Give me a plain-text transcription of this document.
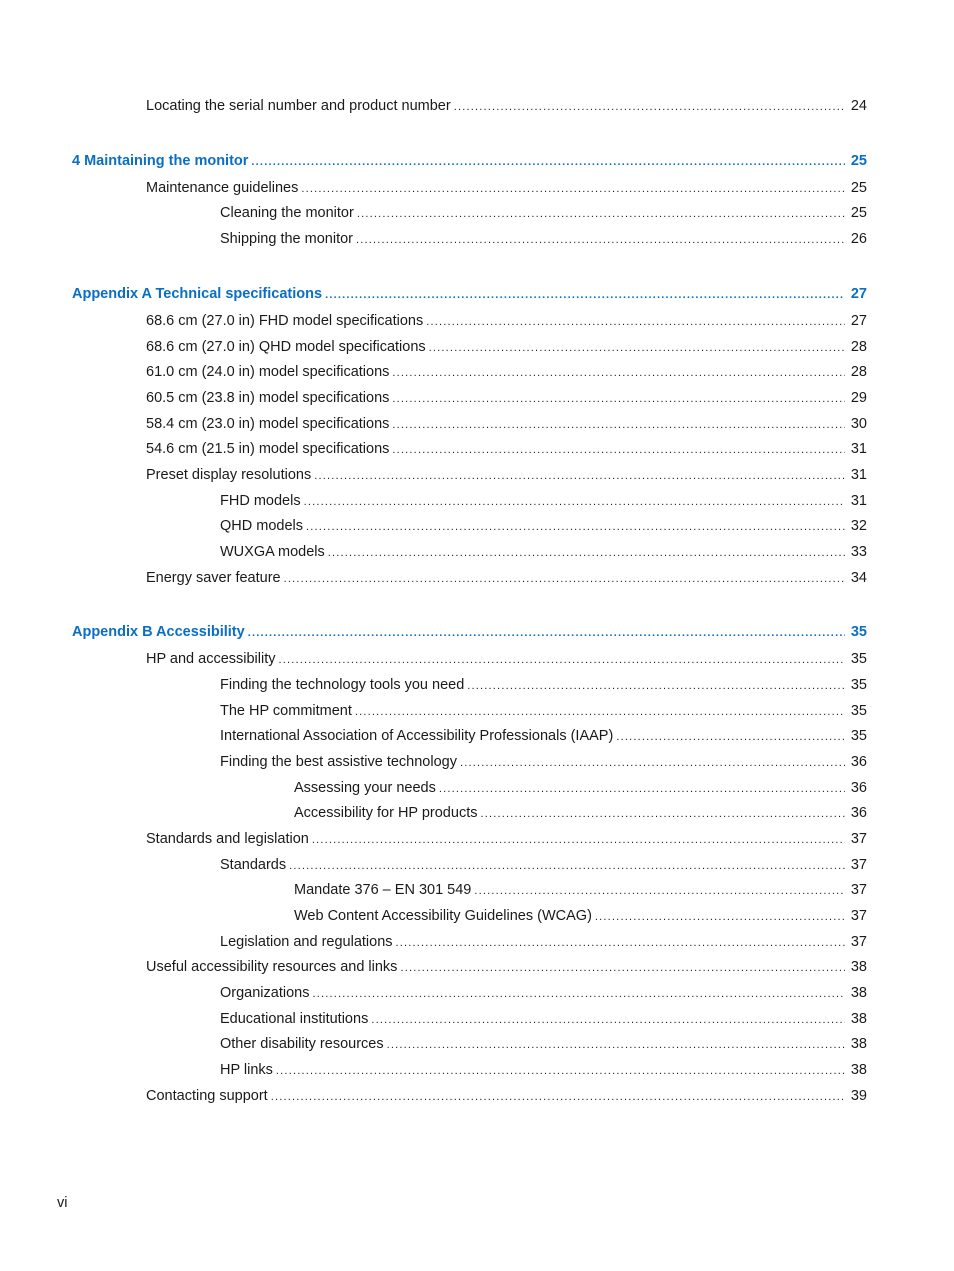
Locating the serial number and product number .....	24
4 Maintaining the monitor .....	25
Maintenance guidelines .....	25
Cleaning the monitor .....	25
Shipping the monitor .....	26
Appendix A Technical specifications .....	27
68.6 cm (27.0 in) FHD model specifications .....	27
68.6 cm (27.0 in) QHD model specifications .....	28
61.0 cm (24.0 in) model specifications .....	28
60.5 cm (23.8 in) model specifications .....	29
58.4 cm (23.0 in) model specifications .....	30
54.6 cm (21.5 in) model specifications .....	31
Preset display resolutions .....	31
FHD models .....	31
QHD models .....	32
WUXGA models .....	33
Energy saver feature .....	34
Appendix B Accessibility .....	35
HP and accessibility .....	35
Finding the technology tools you need .....	35
The HP commitment .....	35
International Association of Accessibility Professionals (IAAP) .....	35
Finding the best assistive technology .....	36
Assessing your needs .....	36
Accessibility for HP products .....	36
Standards and legislation .....	37
Standards .....	37
Mandate 376 – EN 301 549 .....	37
Web Content Accessibility Guidelines (WCAG) .....	37
Legislation and regulations .....	37
Useful accessibility resources and links .....	38
Organizations .....	38
Educational institutions .....	38
Other disability resources .....	38
HP links .....	38
Contacting support .....	39
vi
